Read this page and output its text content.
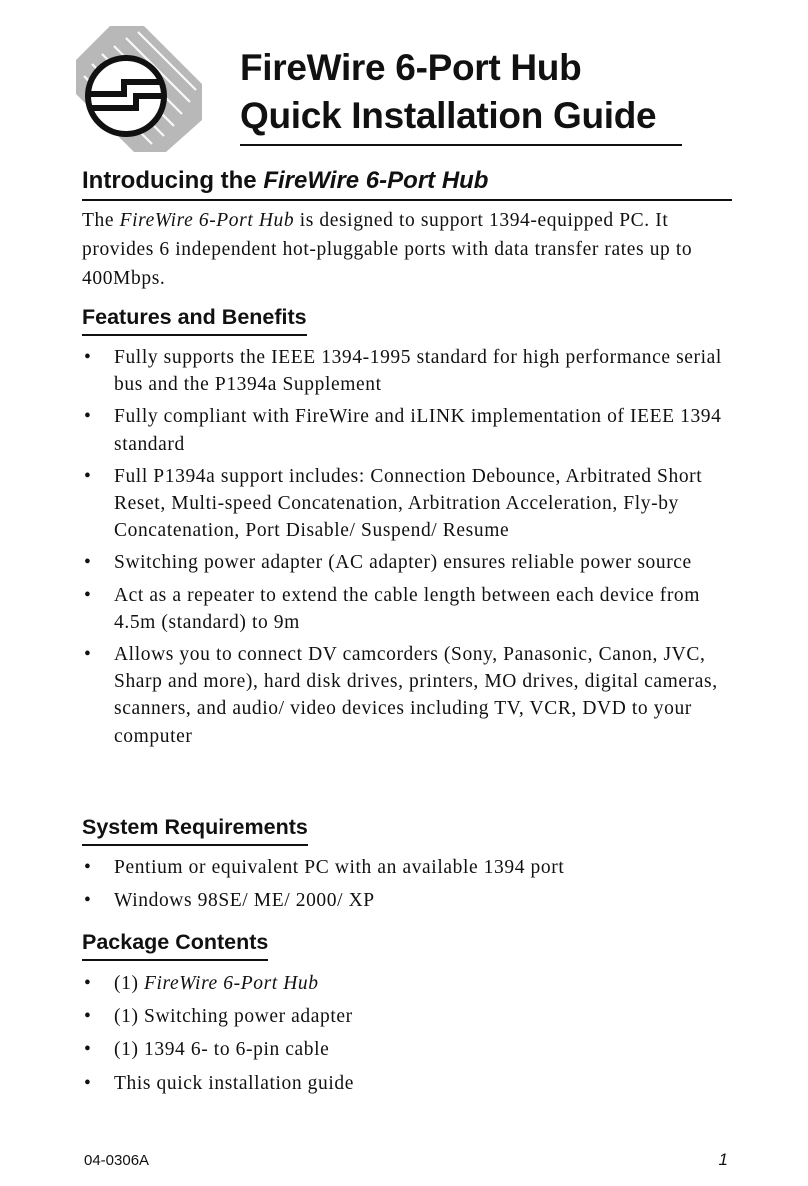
FireWire 6-Port Hub
Quick Installation Guide
Introducing the FireWire 6-Port Hub

The FireWire 6-Port Hub is designed to support 1394-equipped PC. It provides 6 independent hot-pluggable ports with data transfer rates up to 400Mbps.

Features and Benefits
• Fully supports the IEEE 1394-1995 standard for high performance serial bus and the P1394a Supplement
• Fully compliant with FireWire and iLINK implementation of IEEE 1394 standard
• Full P1394a support includes: Connection Debounce, Arbitrated Short Reset, Multi-speed Concatenation, Arbitration Acceleration, Fly-by Concatenation, Port Disable/ Suspend/ Resume
• Switching power adapter (AC adapter) ensures reliable power source
• Act as a repeater to extend the cable length between each device from 4.5m (standard) to 9m
• Allows you to connect DV camcorders (Sony, Panasonic, Canon, JVC, Sharp and more), hard disk drives, printers, MO drives, digital cameras, scanners, and audio/ video devices including TV, VCR, DVD to your computer
System Requirements
• Pentium or equivalent PC with an available 1394 port
• Windows 98SE/ ME/ 2000/ XP
Package Contents
• (1) FireWire 6-Port Hub
• (1) Switching power adapter
• (1) 1394 6- to 6-pin cable
• This quick installation guide

04-0306A	1
